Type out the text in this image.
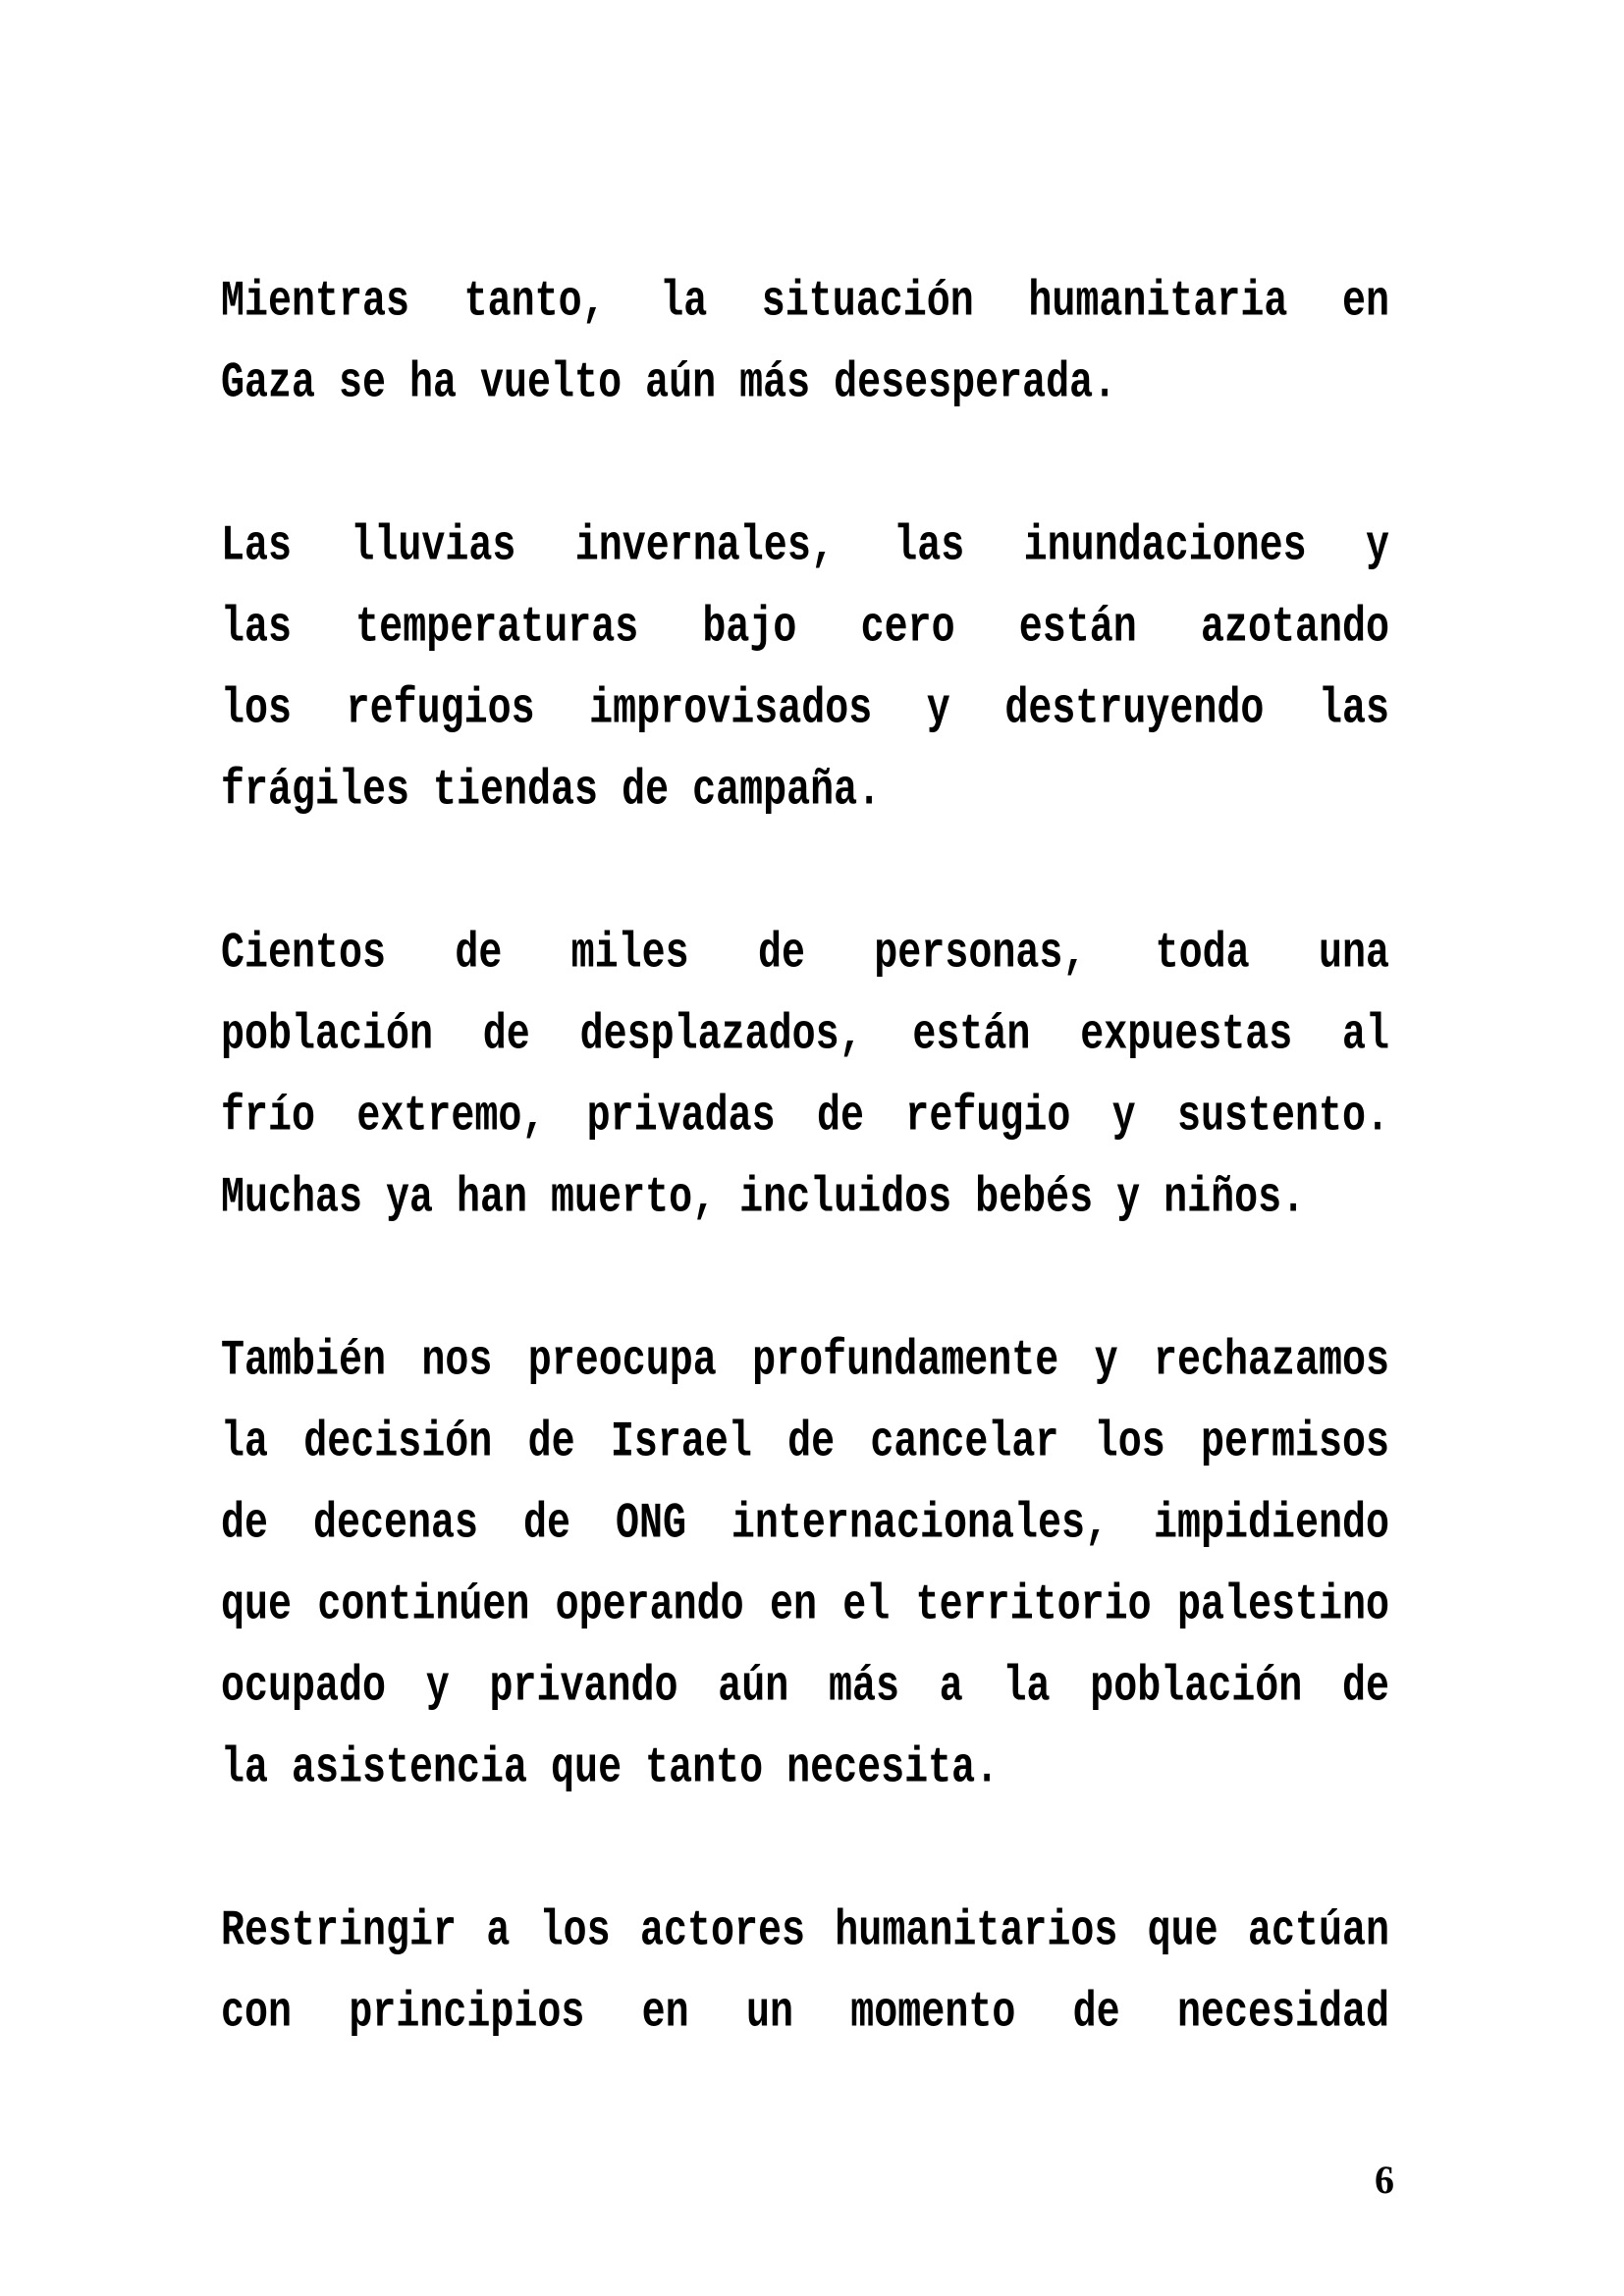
Mientras tanto, la situación humanitaria en
Gaza se ha vuelto aún más desesperada.
Las lluvias invernales, las inundaciones y
las temperaturas bajo cero están azotando
los refugios improvisados y destruyendo las
frágiles tiendas de campaña.
Cientos de miles de personas, toda una
población de desplazados, están expuestas al
frío extremo, privadas de refugio y sustento.
Muchas ya han muerto, incluidos bebés y niños.
También nos preocupa profundamente y rechazamos
la decisión de Israel de cancelar los permisos
de decenas de ONG internacionales, impidiendo
que continúen operando en el territorio palestino
ocupado y privando aún más a la población de
la asistencia que tanto necesita.
Restringir a los actores humanitarios que actúan
con principios en un momento de necesidad
6
